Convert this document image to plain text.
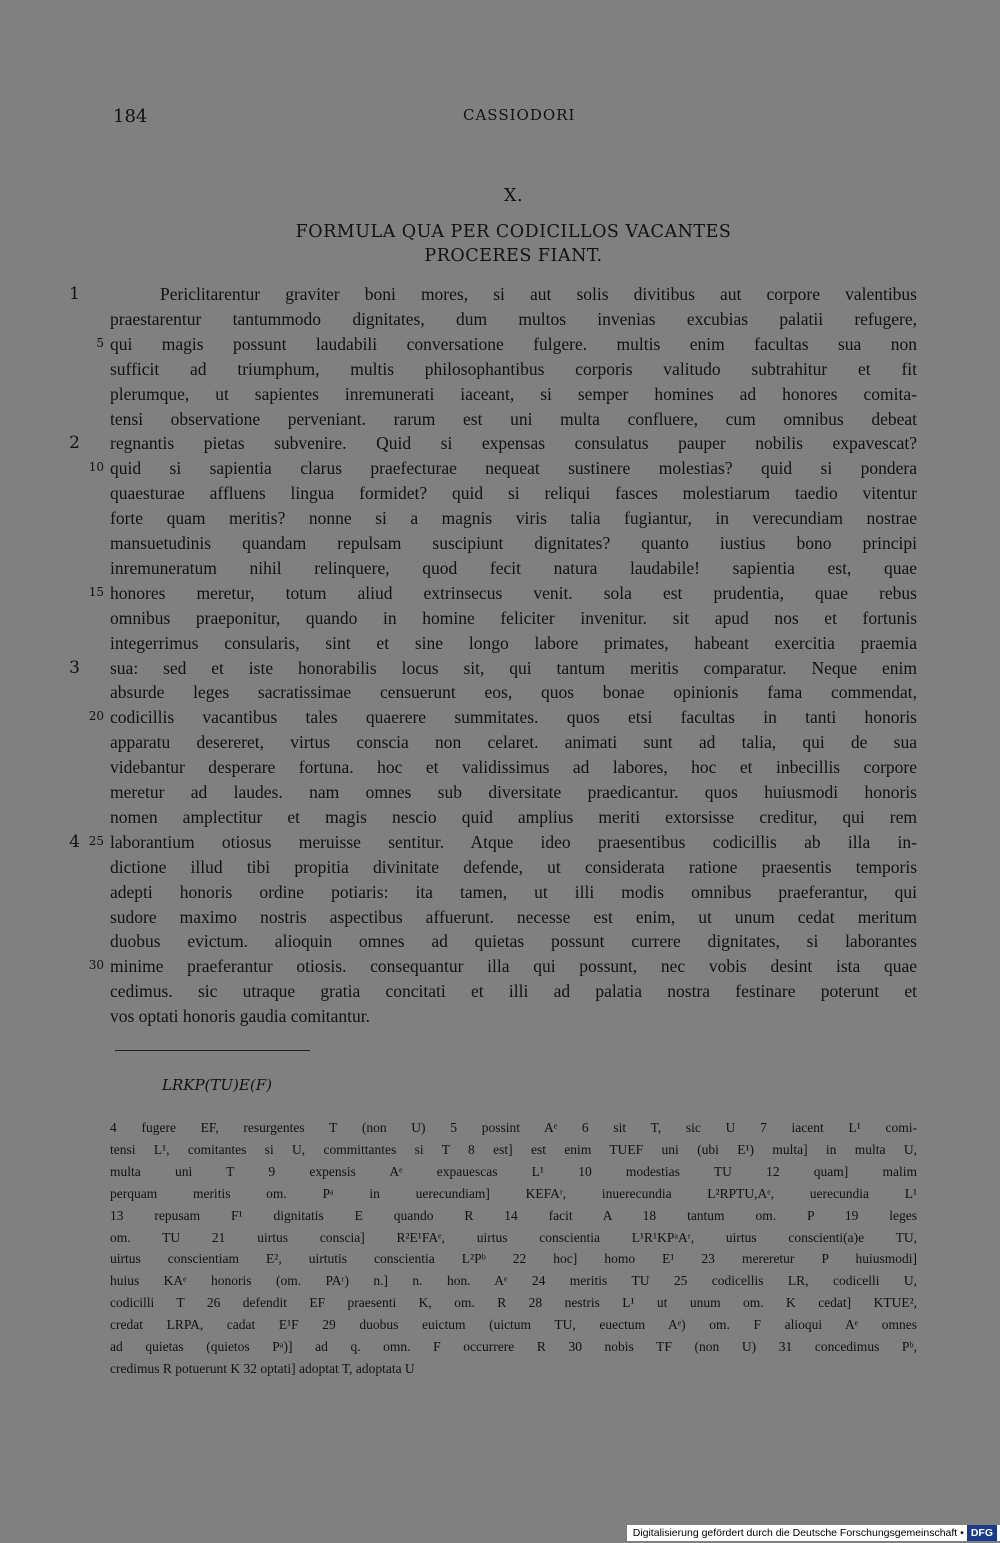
184	CASSIODORI
X.
FORMULA QUA PER CODICILLOS VACANTES
PROCERES FIANT.
Periclitarentur graviter boni mores, si aut solis divitibus aut corpore valentibus
praestarentur tantummodo dignitates, dum multos invenias excubias palatii refugere,
qui magis possunt laudabili conversatione fulgere. multis enim facultas sua non
sufficit ad triumphum, multis philosophantibus corporis valitudo subtrahitur et fit
plerumque, ut sapientes inremunerati iaceant, si semper homines ad honores comita-
tensi observatione perveniant. rarum est uni multa confluere, cum omnibus debeat
regnantis pietas subvenire. Quid si expensas consulatus pauper nobilis expavescat?
quid si sapientia clarus praefecturae nequeat sustinere molestias? quid si pondera
quaesturae affluens lingua formidet? quid si reliqui fasces molestiarum taedio vitentur
forte quam meritis? nonne si a magnis viris talia fugiantur, in verecundiam nostrae
mansuetudinis quandam repulsam suscipiunt dignitates? quanto iustius bono principi
inremuneratum nihil relinquere, quod fecit natura laudabile! sapientia est, quae
honores meretur, totum aliud extrinsecus venit. sola est prudentia, quae rebus
omnibus praeponitur, quando in homine feliciter invenitur. sit apud nos et fortunis
integerrimus consularis, sint et sine longo labore primates, habeant exercitia praemia
sua: sed et iste honorabilis locus sit, qui tantum meritis comparatur. Neque enim
absurde leges sacratissimae censuerunt eos, quos bonae opinionis fama commendat,
codicillis vacantibus tales quaerere summitates. quos etsi facultas in tanti honoris
apparatu desereret, virtus conscia non celaret. animati sunt ad talia, qui de sua
videbantur desperare fortuna. hoc et validissimus ad labores, hoc et inbecillis corpore
meretur ad laudes. nam omnes sub diversitate praedicantur. quos huiusmodi honoris
nomen amplectitur et magis nescio quid amplius meriti extorsisse creditur, qui rem
laborantium otiosus meruisse sentitur. Atque ideo praesentibus codicillis ab illa in-
dictione illud tibi propitia divinitate defende, ut considerata ratione praesentis temporis
adepti honoris ordine potiaris: ita tamen, ut illi modis omnibus praeferantur, qui
sudore maximo nostris aspectibus affuerunt. necesse est enim, ut unum cedat meritum
duobus evictum. alioquin omnes ad quietas possunt currere dignitates, si laborantes
minime praeferantur otiosis. consequantur illa qui possunt, nec vobis desint ista quae
cedimus. sic utraque gratia concitati et illi ad palatia nostra festinare poterunt et
vos optati honoris gaudia comitantur.
1
2
3
4
5
10
15
20
25
30
LRKP(TU)E(F)
4 fugere EF, resurgentes T (non U) 5 possint Aᵉ 6 sit T, sic U 7 iacent L¹ comi-
tensi L¹, comitantes si U, committantes si T 8 est] est enim TUEF uni (ubi E¹) multa] in multa U,
multa uni T 9 expensis Aᵉ expauescas L¹ 10 modestias TU 12 quam] malim
perquam meritis om. Pᵃ in uerecundiam] KEFAʳ, inuerecundia L²RPTU,Aᵉ, uerecundia L¹
13 repusam F¹ dignitatis E quando R 14 facit A 18 tantum om. P 19 leges
om. TU 21 uirtus conscia] R²E¹FAᵉ, uirtus conscientia L¹R¹KPᵃAʳ, uirtus conscienti(a)e TU,
uirtus conscientiam E², uirtutis conscientia L²Pᵇ 22 hoc] homo E¹ 23 mereretur P huiusmodi]
huius KAᵉ honoris (om. PAʳ) n.] n. hon. Aᵉ 24 meritis TU 25 codicellis LR, codicelli U,
codicilli T 26 defendit EF praesenti K, om. R 28 nestris L¹ ut unum om. K cedat] KTUE²,
credat LRPA, cadat E¹F 29 duobus euictum (uictum TU, euectum Aᵉ) om. F alioqui Aᵉ omnes
ad quietas (quietos Pᵃ)] ad q. omn. F occurrere R 30 nobis TF (non U) 31 concedimus Pᵇ,
credimus R potuerunt K 32 optati] adoptat T, adoptata U
Digitalisierung gefördert durch die Deutsche Forschungsgemeinschaft • DFG
